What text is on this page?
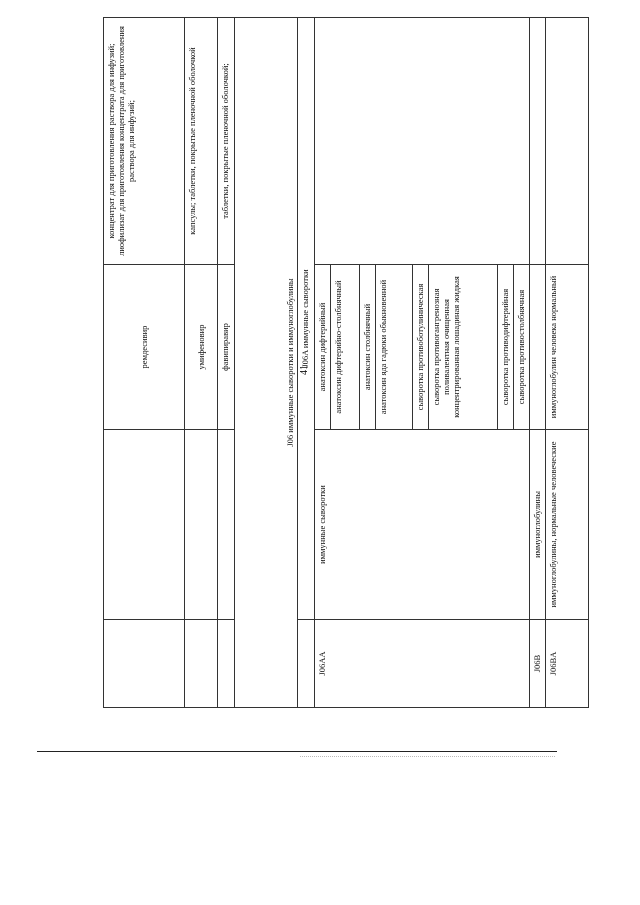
41
		ремдесивир	концентрат для приготовления раствора для инфузий; лиофилизат для приготовления концентрата для приготовления раствора для инфузий;
		умифеновир	капсулы; таблетки, покрытые пленочной оболочкой
		фавипиравир	таблетки, покрытые пленочной оболочкой;
J06 иммунные сыворотки и иммуноглобулины			
	J06A иммунные сыворотки		
J06AA	иммунные сыворотки	анатоксин дифтерийный	
		анатоксин дифтерийно-столбнячный	
		анатоксин столбнячный	
		анатоксин яда гадюки обыкновенной	
		сыворотка противоботулиническая	
		сыворотка противогангренозная поливалентная очищенная концентрированная лошадиная жидкая	
		сыворотка противодифтерийная	
		сыворотка противостолбнячная	
J06B	иммуноглобулины		
J06BA	иммуноглобулины, нормальные человеческие	иммуноглобулин человека нормальный	
